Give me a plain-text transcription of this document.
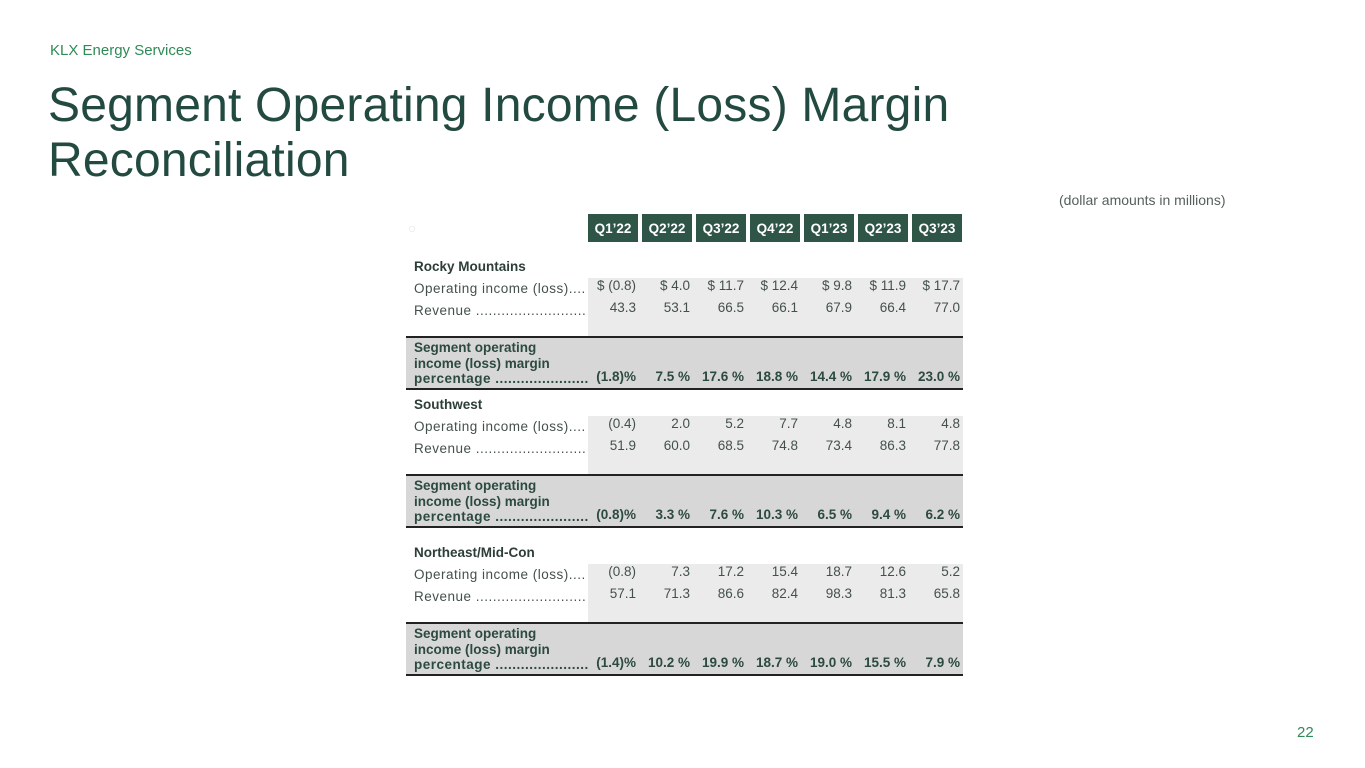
KLX Energy Services
Segment Operating Income (Loss) Margin
Reconciliation
(dollar amounts in millions)
○	Q1’22	Q2’22	Q3’22	Q4’22	Q1’23	Q2’23	Q3’23
Rocky Mountains
Operating income (loss).... $ (0.8)	$ 4.0	$ 11.7	$ 12.4	$ 9.8	$ 11.9	$ 17.7
Revenue ..........................	43.3	53.1	66.5	66.1	67.9	66.4	77.0
Segment operating
income (loss) margin
percentage ...................... (1.8)%	7.5 % 17.6 % 18.8 % 14.4 % 17.9 % 23.0 %
Southwest
Operating income (loss)....	(0.4)	2.0	5.2	7.7	4.8	8.1	4.8
Revenue ..........................	51.9	60.0	68.5	74.8	73.4	86.3	77.8
Segment operating
income (loss) margin
percentage ...................... (0.8)%	3.3 %	7.6 % 10.3 %	6.5 %	9.4 %	6.2 %
Northeast/Mid-Con
Operating income (loss)....	(0.8)	7.3	17.2	15.4	18.7	12.6	5.2
Revenue ..........................	57.1	71.3	86.6	82.4	98.3	81.3	65.8
Segment operating
income (loss) margin
percentage ...................... (1.4)% 10.2 % 19.9 % 18.7 % 19.0 % 15.5 %	7.9 %
22
